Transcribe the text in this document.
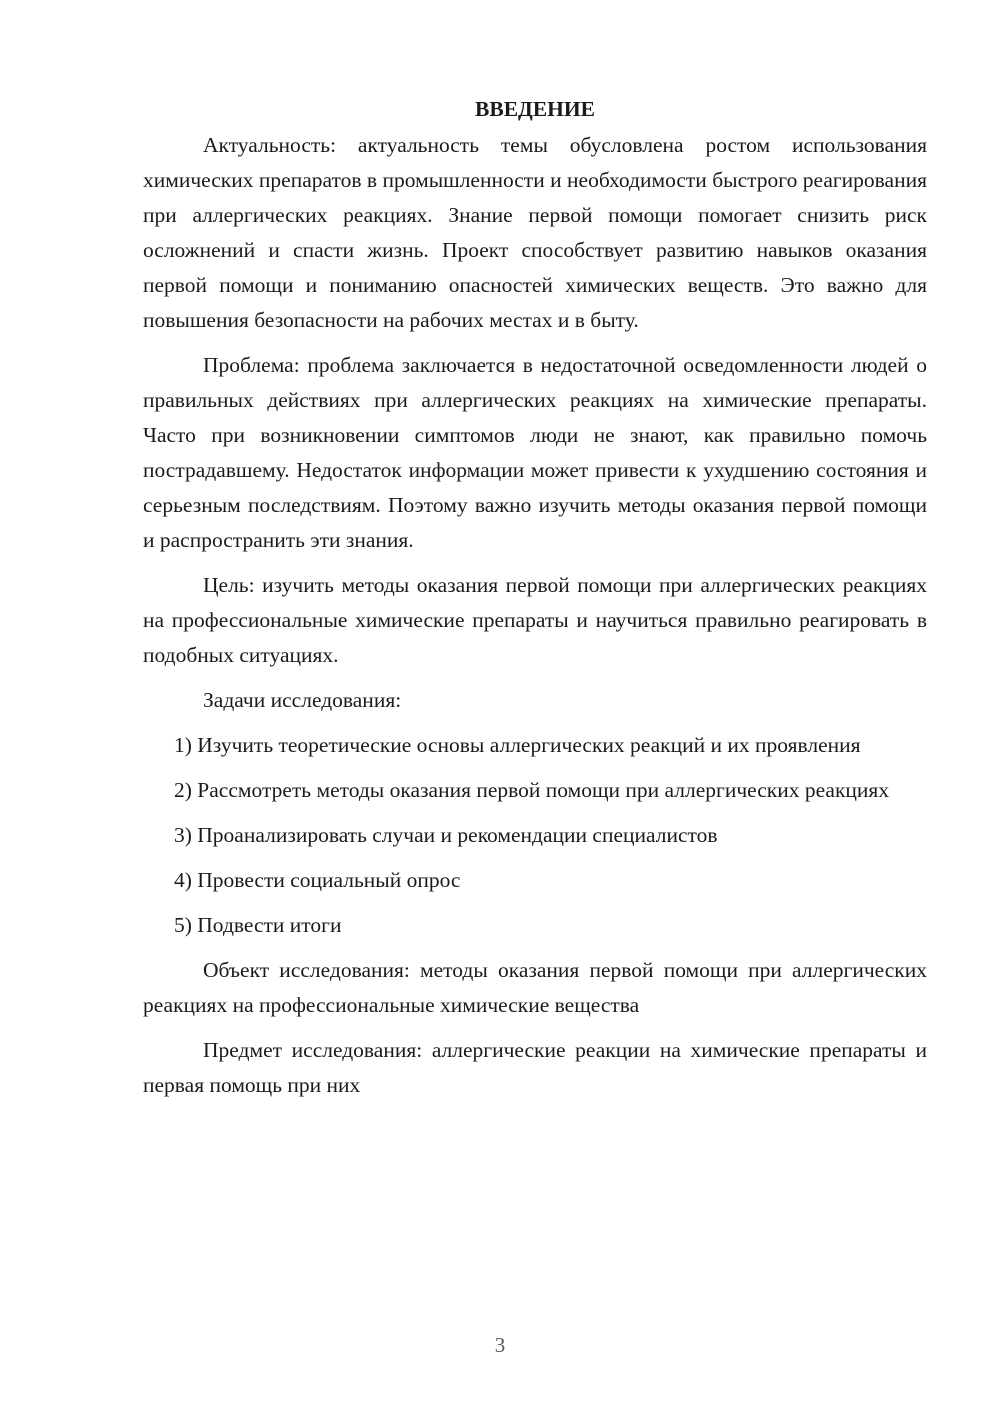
ВВЕДЕНИЕ

Актуальность: актуальность темы обусловлена ростом использования химических препаратов в промышленности и необходимости быстрого реагирования при аллергических реакциях. Знание первой помощи помогает снизить риск осложнений и спасти жизнь. Проект способствует развитию навыков оказания первой помощи и пониманию опасностей химических веществ. Это важно для повышения безопасности на рабочих местах и в быту.

Проблема: проблема заключается в недостаточной осведомленности людей о правильных действиях при аллергических реакциях на химические препараты. Часто при возникновении симптомов люди не знают, как правильно помочь пострадавшему. Недостаток информации может привести к ухудшению состояния и серьезным последствиям. Поэтому важно изучить методы оказания первой помощи и распространить эти знания.

Цель: изучить методы оказания первой помощи при аллергических реакциях на профессиональные химические препараты и научиться правильно реагировать в подобных ситуациях.

Задачи исследования:

1) Изучить теоретические основы аллергических реакций и их проявления

2) Рассмотреть методы оказания первой помощи при аллергических реакциях

3) Проанализировать случаи и рекомендации специалистов

4) Провести социальный опрос

5) Подвести итоги

Объект исследования: методы оказания первой помощи при аллергических реакциях на профессиональные химические вещества

Предмет исследования: аллергические реакции на химические препараты и первая помощь при них

3
